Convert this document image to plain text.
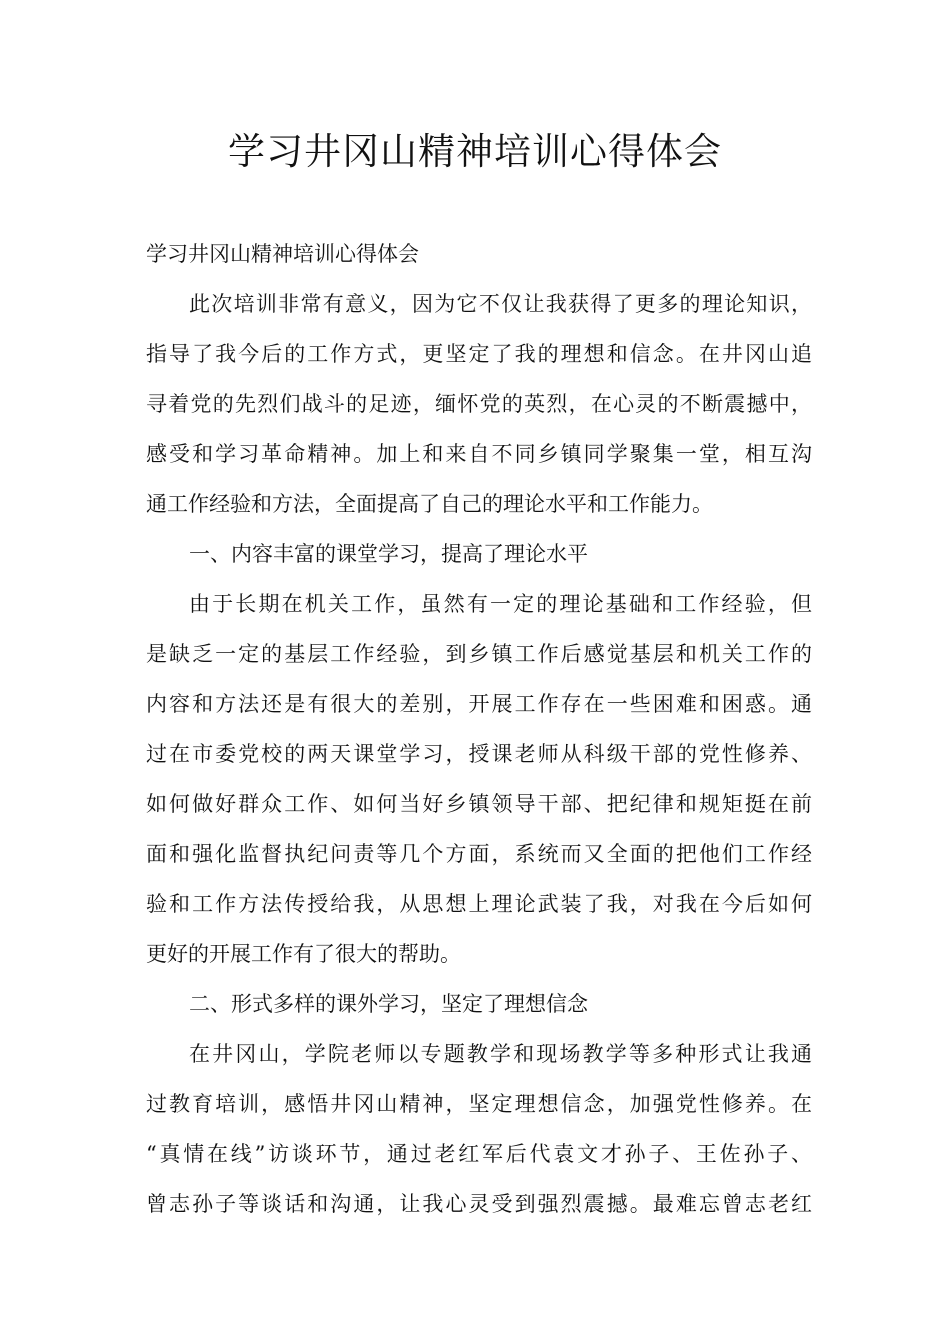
学习井冈山精神培训心得体会
学习井冈山精神培训心得体会
此次培训非常有意义，因为它不仅让我获得了更多的理论知识，
指导了我今后的工作方式，更坚定了我的理想和信念。在井冈山追
寻着党的先烈们战斗的足迹，缅怀党的英烈，在心灵的不断震撼中，
感受和学习革命精神。加上和来自不同乡镇同学聚集一堂，相互沟
通工作经验和方法，全面提高了自己的理论水平和工作能力。
一、内容丰富的课堂学习，提高了理论水平
由于长期在机关工作，虽然有一定的理论基础和工作经验，但
是缺乏一定的基层工作经验，到乡镇工作后感觉基层和机关工作的
内容和方法还是有很大的差别，开展工作存在一些困难和困惑。通
过在市委党校的两天课堂学习，授课老师从科级干部的党性修养、
如何做好群众工作、如何当好乡镇领导干部、把纪律和规矩挺在前
面和强化监督执纪问责等几个方面，系统而又全面的把他们工作经
验和工作方法传授给我，从思想上理论武装了我，对我在今后如何
更好的开展工作有了很大的帮助。
二、形式多样的课外学习，坚定了理想信念
在井冈山，学院老师以专题教学和现场教学等多种形式让我通
过教育培训，感悟井冈山精神，坚定理想信念，加强党性修养。在
“真情在线”访谈环节，通过老红军后代袁文才孙子、王佐孙子、
曾志孙子等谈话和沟通，让我心灵受到强烈震撼。最难忘曾志老红
